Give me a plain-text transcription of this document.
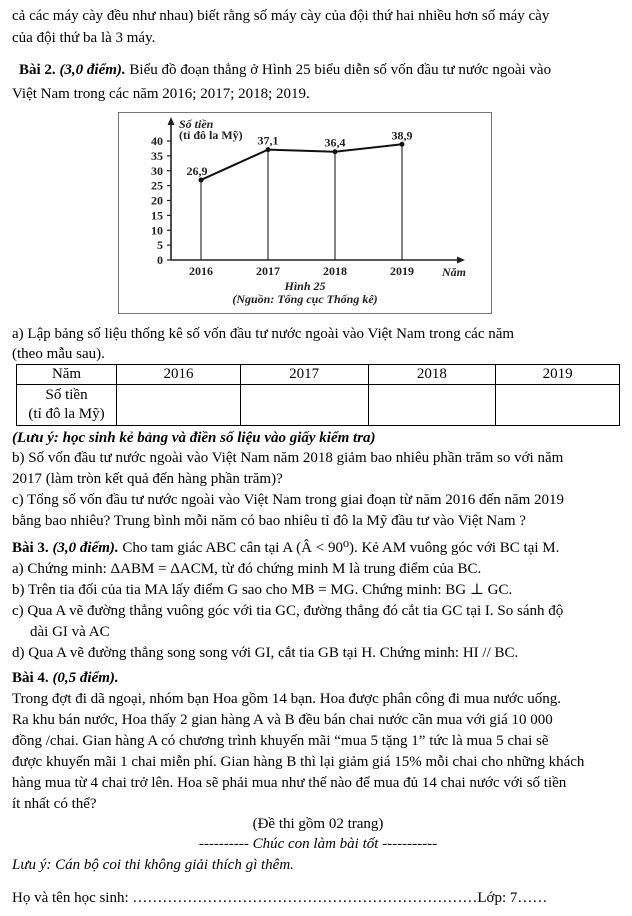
cả các máy cày đều như nhau) biết rằng số máy cày của đội thứ hai nhiều hơn số máy cày

của đội thứ ba là 3 máy.

Bài 2. (3,0 điểm). Biểu đồ đoạn thẳng ở Hình 25 biểu diễn số vốn đầu tư nước ngoài vào

Việt Nam trong các năm 2016; 2017; 2018; 2019.

Số tiền
(tỉ đô la Mỹ)
0
5
10
15
20
25
30
35
40
26,9
37,1	36,4
38,9
2016	2017	2018	2019 Năm
Hình 25
(Nguồn: Tổng cục Thống kê)

a) Lập bảng số liệu thống kê số vốn đầu tư nước ngoài vào Việt Nam trong các năm

(theo mẫu sau).

Năm	2016	2017	2018	2019
Số tiền
(tỉ đô la Mỹ)				

(Lưu ý: học sinh kẻ bảng và điền số liệu vào giấy kiểm tra)

b) Số vốn đầu tư nước ngoài vào Việt Nam năm 2018 giảm bao nhiêu phần trăm so với năm

2017 (làm tròn kết quả đến hàng phần trăm)?

c) Tổng số vốn đầu tư nước ngoài vào Việt Nam trong giai đoạn từ năm 2016 đến năm 2019

bằng bao nhiêu? Trung bình mỗi năm có bao nhiêu tỉ đô la Mỹ đầu tư vào Việt Nam ?

Bài 3. (3,0 điểm). Cho tam giác ABC cân tại A (Â < 90⁰). Kẻ AM vuông góc với BC tại M.

a) Chứng minh: ΔABM = ΔACM, từ đó chứng minh M là trung điểm của BC.

b) Trên tia đối của tia MA lấy điểm G sao cho MB = MG. Chứng minh: BG ⊥ GC.

c) Qua A vẽ đường thẳng vuông góc với tia GC, đường thẳng đó cắt tia GC tại I. So sánh độ

dài GI và AC

d) Qua A vẽ đường thẳng song song với GI, cắt tia GB tại H. Chứng minh: HI // BC.

Bài 4. (0,5 điểm).

Trong đợt đi dã ngoại, nhóm bạn Hoa gồm 14 bạn. Hoa được phân công đi mua nước uống.

Ra khu bán nước, Hoa thấy 2 gian hàng A và B đều bán chai nước cần mua với giá 10 000

đồng /chai. Gian hàng A có chương trình khuyến mãi “mua 5 tặng 1” tức là mua 5 chai sẽ

được khuyến mãi 1 chai miễn phí. Gian hàng B thì lại giảm giá 15% mỗi chai cho những khách

hàng mua từ 4 chai trở lên. Hoa sẽ phải mua như thế nào để mua đủ 14 chai nước với số tiền

ít nhất có thể?

(Đề thi gồm 02 trang)

---------- Chúc con làm bài tốt -----------

Lưu ý: Cán bộ coi thi không giải thích gì thêm.

Họ và tên học sinh: ……………………………………………………………Lớp: 7……
